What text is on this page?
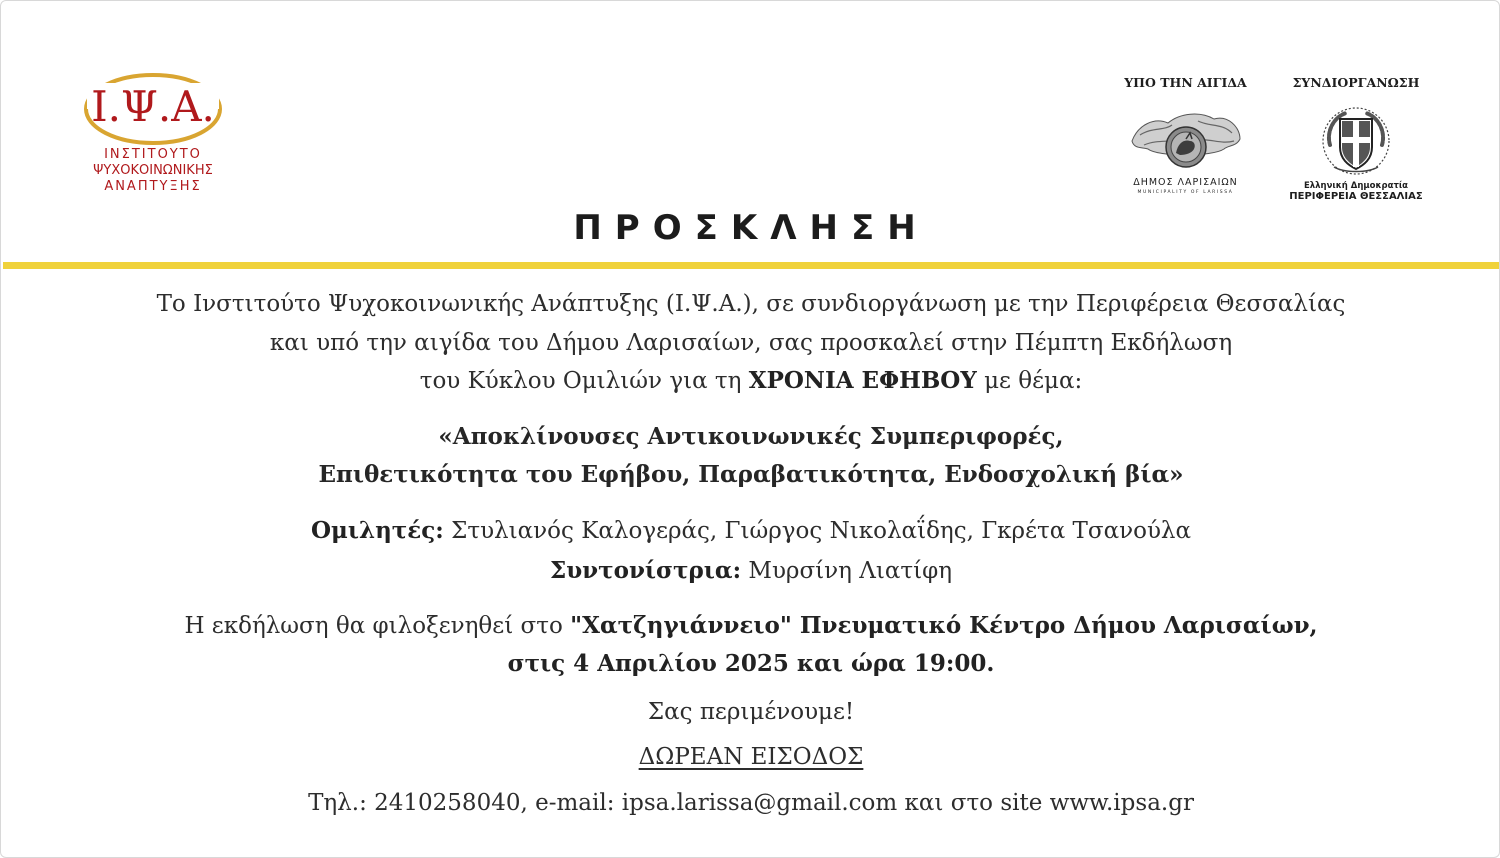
Ι.Ψ.Α.
ΙΝΣΤΙΤΟΥΤΟ
ΨΥΧΟΚΟΙΝΩΝΙΚΗΣ
ΑΝΑΠΤΥΞΗΣ
ΥΠΟ ΤΗΝ ΑΙΓΙΔΑ
ΔΗΜΟΣ ΛΑΡΙΣΑΙΩΝ
MUNICIPALITY OF LARISSA
ΣΥΝΔΙΟΡΓΑΝΩΣΗ
Ελληνική Δημοκρατία
ΠΕΡΙΦΕΡΕΙΑ ΘΕΣΣΑΛΙΑΣ
ΠΡΟΣΚΛΗΣΗ
Το Ινστιτούτο Ψυχοκοινωνικής Ανάπτυξης (Ι.Ψ.Α.), σε συνδιοργάνωση με την Περιφέρεια Θεσσαλίας
και υπό την αιγίδα του Δήμου Λαρισαίων, σας προσκαλεί στην Πέμπτη Εκδήλωση
του Κύκλου Ομιλιών για τη ΧΡΟΝΙΑ ΕΦΗΒΟΥ με θέμα:
«Αποκλίνουσες Αντικοινωνικές Συμπεριφορές,
Επιθετικότητα του Εφήβου, Παραβατικότητα, Ενδοσχολική βία»
Ομιλητές: Στυλιανός Καλογεράς, Γιώργος Νικολαΐδης, Γκρέτα Τσανούλα
Συντονίστρια: Μυρσίνη Λιατίφη
Η εκδήλωση θα φιλοξενηθεί στο "Χατζηγιάννειο" Πνευματικό Κέντρο Δήμου Λαρισαίων,
στις 4 Απριλίου 2025 και ώρα 19:00.
Σας περιμένουμε!
ΔΩΡΕΑΝ ΕΙΣΟΔΟΣ
Τηλ.: 2410258040, e-mail: ipsa.larissa@gmail.com και στο site www.ipsa.gr
